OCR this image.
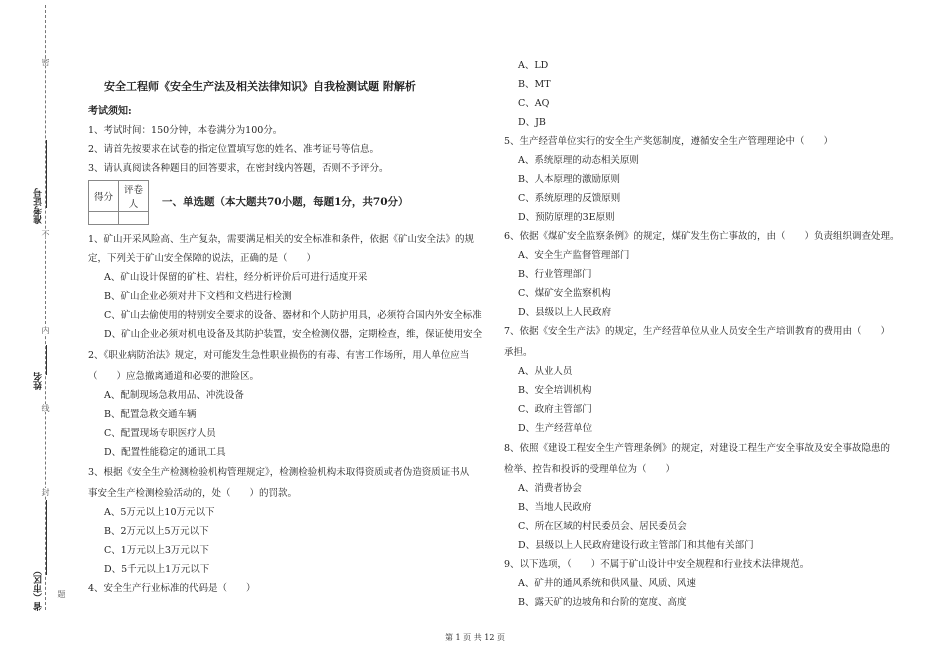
密
不
内
线
封
题
准考证号
姓名
省（市区）
安全工程师《安全生产法及相关法律知识》自我检测试题 附解析
考试须知:
1、考试时间：150分钟，本卷满分为100分。
2、请首先按要求在试卷的指定位置填写您的姓名、准考证号等信息。
3、请认真阅读各种题目的回答要求，在密封线内答题，否则不予评分。
得分	评卷人
	一、单选题（本大题共70小题，每题1分，共70分）
1、矿山开采风险高、生产复杂，需要满足相关的安全标准和条件，依据《矿山安全法》的规
定，下列关于矿山安全保障的说法，正确的是（　　）
A、矿山设计保留的矿柱、岩柱，经分析评价后可进行适度开采
B、矿山企业必须对井下文档和文档进行检测
C、矿山去偷使用的特别安全要求的设备、器材和个人防护用具，必须符合国内外安全标准
D、矿山企业必须对机电设备及其防护装置，安全检测仪器，定期检查，维，保证使用安全
2、《职业病防治法》规定，对可能发生急性职业损伤的有毒、有害工作场所，用人单位应当
（　　）应急撤离通道和必要的泄险区。
A、配制现场急救用品、冲洗设备
B、配置急救交通车辆
C、配置现场专职医疗人员
D、配置性能稳定的通讯工具
3、根据《安全生产检测检验机构管理规定》，检测检验机构未取得资质或者伪造资质证书从
事安全生产检测检验活动的，处（　　）的罚款。
A、5万元以上10万元以下
B、2万元以上5万元以下
C、1万元以上3万元以下
D、5千元以上1万元以下
4、安全生产行业标准的代码是（　　）
A、LD
B、MT
C、AQ
D、JB
5、生产经营单位实行的安全生产奖惩制度，遵循安全生产管理理论中（　　）
A、系统原理的动态相关原则
B、人本原理的激励原则
C、系统原理的反馈原则
D、预防原理的3E原则
6、依据《煤矿安全监察条例》的规定，煤矿发生伤亡事故的，由（　　）负责组织调查处理。
A、安全生产监督管理部门
B、行业管理部门
C、煤矿安全监察机构
D、县级以上人民政府
7、依据《安全生产法》的规定，生产经营单位从业人员安全生产培训教育的费用由（　　）
承担。
A、从业人员
B、安全培训机构
C、政府主管部门
D、生产经营单位
8、依照《建设工程安全生产管理条例》的规定，对建设工程生产安全事故及安全事故隐患的
检举、控告和投诉的受理单位为（　　）
A、消费者协会
B、当地人民政府
C、所在区域的村民委员会、居民委员会
D、县级以上人民政府建设行政主管部门和其他有关部门
9、以下选项，（　　）不属于矿山设计中安全规程和行业技术法律规范。
A、矿井的通风系统和供风量、风质、风速
B、露天矿的边坡角和台阶的宽度、高度
第 1 页 共 12 页
